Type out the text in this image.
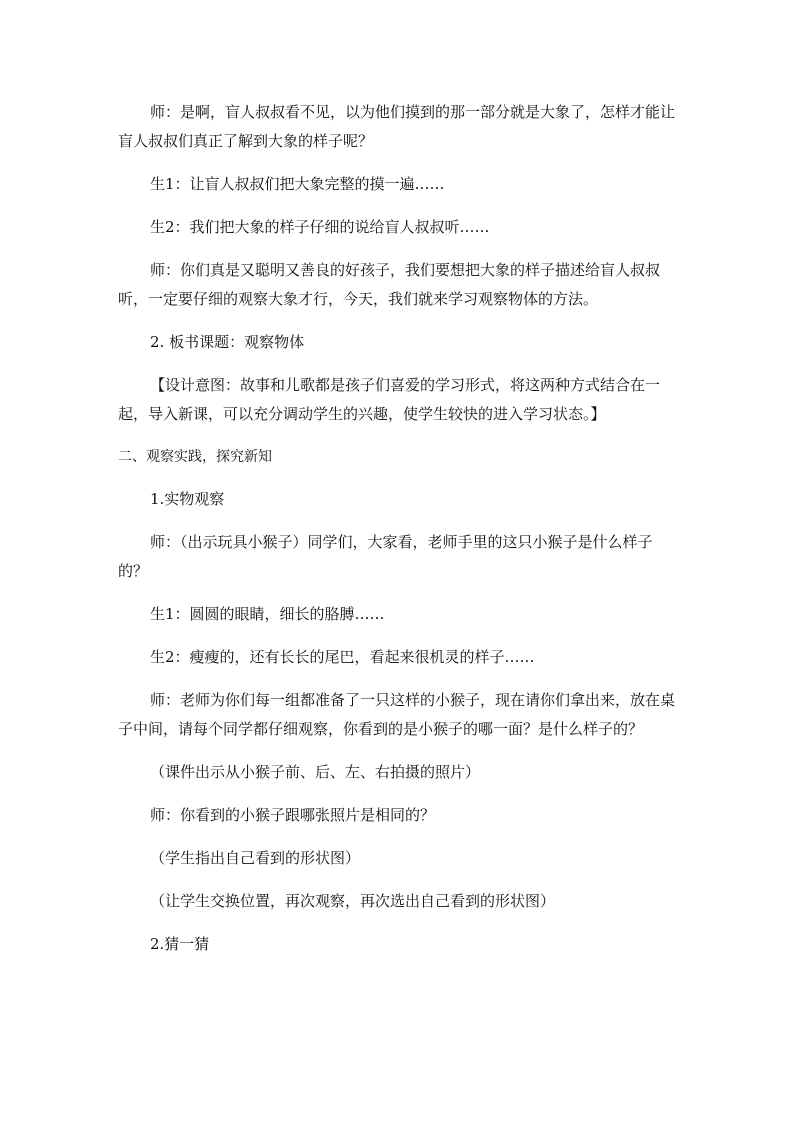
师：是啊，盲人叔叔看不见，以为他们摸到的那一部分就是大象了，怎样才能让盲人叔叔们真正了解到大象的样子呢？

生1：让盲人叔叔们把大象完整的摸一遍……

生2：我们把大象的样子仔细的说给盲人叔叔听……

师：你们真是又聪明又善良的好孩子，我们要想把大象的样子描述给盲人叔叔听，一定要仔细的观察大象才行，今天，我们就来学习观察物体的方法。

2. 板书课题：观察物体

【设计意图：故事和儿歌都是孩子们喜爱的学习形式，将这两种方式结合在一起，导入新课，可以充分调动学生的兴趣，使学生较快的进入学习状态。】

二、观察实践，探究新知

1.实物观察

师：（出示玩具小猴子）同学们，大家看，老师手里的这只小猴子是什么样子的？

生1：圆圆的眼睛，细长的胳膊……

生2：瘦瘦的，还有长长的尾巴，看起来很机灵的样子……

师：老师为你们每一组都准备了一只这样的小猴子，现在请你们拿出来，放在桌子中间，请每个同学都仔细观察，你看到的是小猴子的哪一面？是什么样子的？

（课件出示从小猴子前、后、左、右拍摄的照片）

师：你看到的小猴子跟哪张照片是相同的？

（学生指出自己看到的形状图）

（让学生交换位置，再次观察，再次选出自己看到的形状图）

2.猜一猜
